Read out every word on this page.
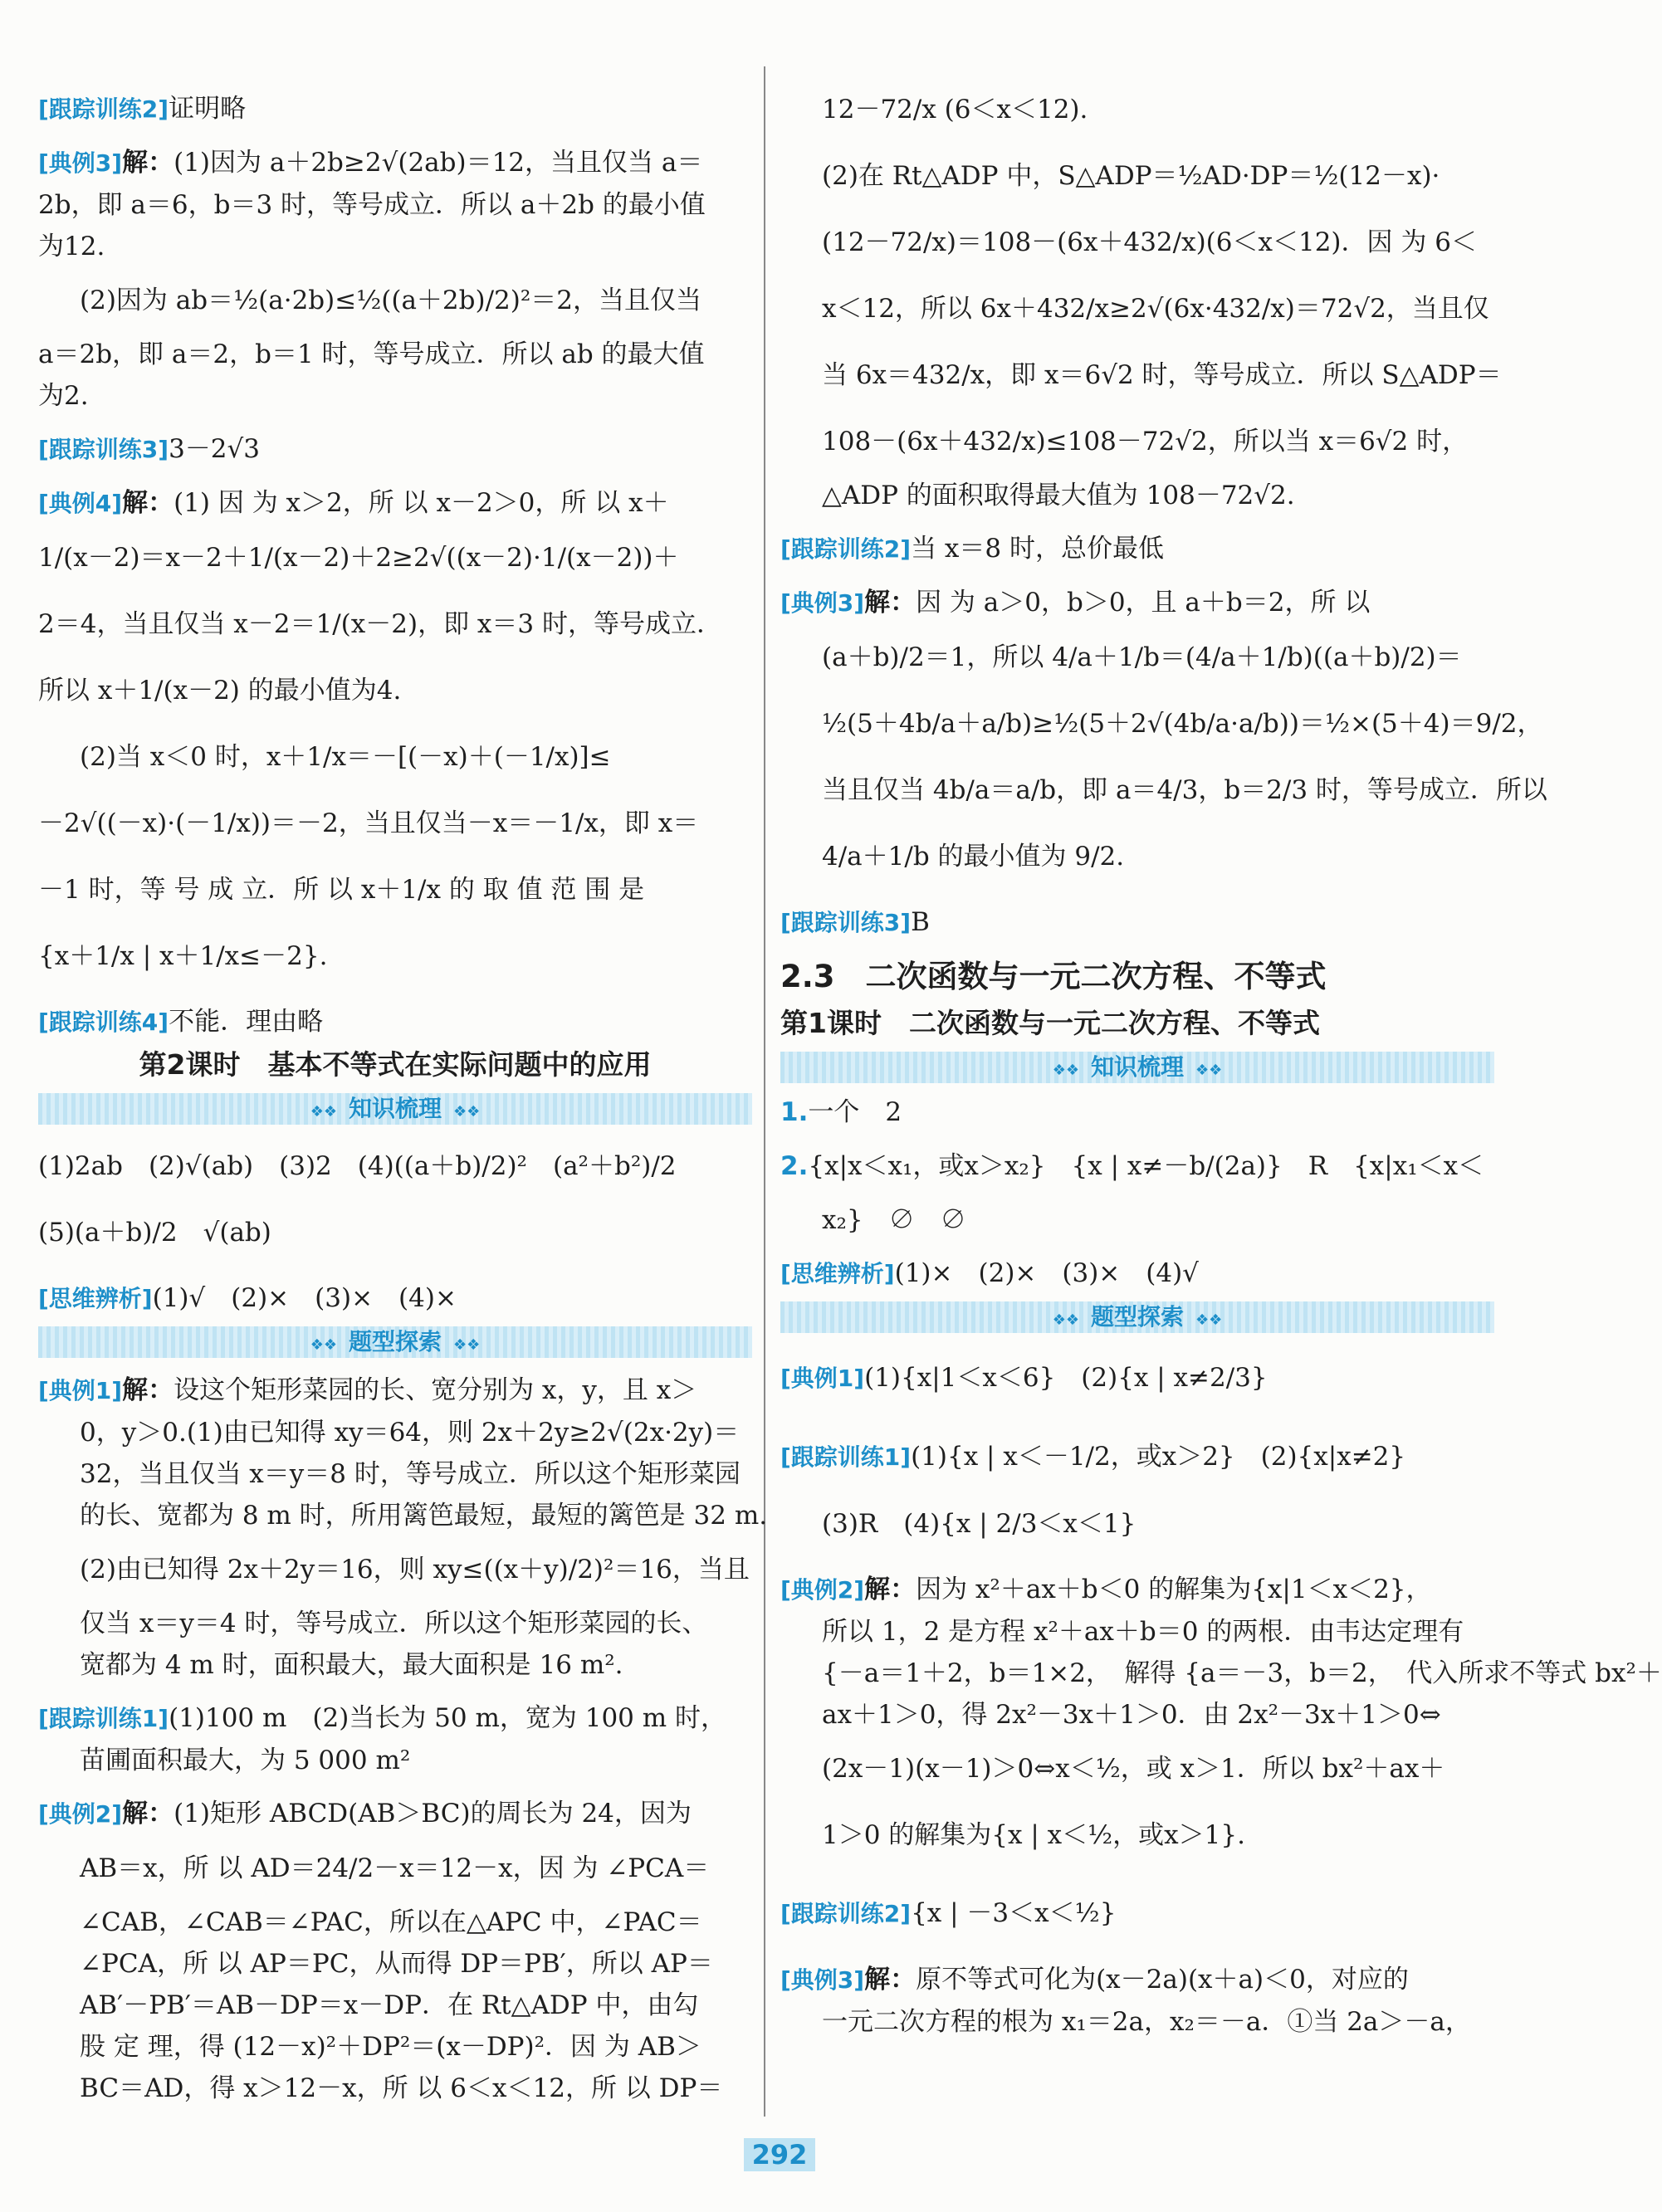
[跟踪训练2]证明略
[典例3]解：(1)因为 a＋2b≥2√(2ab)＝12，当且仅当 a＝
2b，即 a＝6，b＝3 时，等号成立．所以 a＋2b 的最小值
为12.
(2)因为 ab＝½(a·2b)≤½((a＋2b)/2)²＝2，当且仅当
a＝2b，即 a＝2，b＝1 时，等号成立．所以 ab 的最大值
为2.
[跟踪训练3]3－2√3
[典例4]解：(1) 因 为 x＞2，所 以 x－2＞0，所 以 x＋
1/(x－2)＝x－2＋1/(x－2)＋2≥2√((x－2)·1/(x－2))＋
2＝4，当且仅当 x－2＝1/(x－2)，即 x＝3 时，等号成立．
所以 x＋1/(x－2) 的最小值为4.
(2)当 x＜0 时，x＋1/x＝－[(－x)＋(－1/x)]≤
－2√((－x)·(－1/x))＝－2，当且仅当－x＝－1/x，即 x＝
－1 时，等 号 成 立．所 以 x＋1/x 的 取 值 范 围 是
{x＋1/x | x＋1/x≤－2}.
[跟踪训练4]不能．理由略
第2课时　基本不等式在实际问题中的应用
❖❖ 知识梳理 ❖❖
(1)2ab　(2)√(ab)　(3)2　(4)((a＋b)/2)²　(a²＋b²)/2
(5)(a＋b)/2　√(ab)
[思维辨析](1)√　(2)×　(3)×　(4)×
❖❖ 题型探索 ❖❖
[典例1]解：设这个矩形菜园的长、宽分别为 x，y，且 x＞
0，y＞0.(1)由已知得 xy＝64，则 2x＋2y≥2√(2x·2y)＝
32，当且仅当 x＝y＝8 时，等号成立．所以这个矩形菜园
的长、宽都为 8 m 时，所用篱笆最短，最短的篱笆是 32 m.
(2)由已知得 2x＋2y＝16，则 xy≤((x＋y)/2)²＝16，当且
仅当 x＝y＝4 时，等号成立．所以这个矩形菜园的长、
宽都为 4 m 时，面积最大，最大面积是 16 m².
[跟踪训练1](1)100 m　(2)当长为 50 m，宽为 100 m 时，
苗圃面积最大，为 5 000 m²
[典例2]解：(1)矩形 ABCD(AB＞BC)的周长为 24，因为
AB＝x，所 以 AD＝24/2－x＝12－x，因 为 ∠PCA＝
∠CAB，∠CAB＝∠PAC，所以在△APC 中，∠PAC＝
∠PCA，所 以 AP＝PC，从而得 DP＝PB′，所以 AP＝
AB′－PB′＝AB－DP＝x－DP．在 Rt△ADP 中，由勾
股 定 理，得 (12－x)²＋DP²＝(x－DP)²．因 为 AB＞
BC＝AD，得 x＞12－x，所 以 6＜x＜12，所 以 DP＝
12－72/x (6＜x＜12).
(2)在 Rt△ADP 中，S△ADP＝½AD·DP＝½(12－x)·
(12－72/x)＝108－(6x＋432/x)(6＜x＜12)．因 为 6＜
x＜12，所以 6x＋432/x≥2√(6x·432/x)＝72√2，当且仅
当 6x＝432/x，即 x＝6√2 时，等号成立．所以 S△ADP＝
108－(6x＋432/x)≤108－72√2，所以当 x＝6√2 时，
△ADP 的面积取得最大值为 108－72√2.
[跟踪训练2]当 x＝8 时，总价最低
[典例3]解：因 为 a＞0，b＞0，且 a＋b＝2，所 以
(a＋b)/2＝1，所以 4/a＋1/b＝(4/a＋1/b)((a＋b)/2)＝
½(5＋4b/a＋a/b)≥½(5＋2√(4b/a·a/b))＝½×(5＋4)＝9/2，
当且仅当 4b/a＝a/b，即 a＝4/3，b＝2/3 时，等号成立．所以
4/a＋1/b 的最小值为 9/2.
[跟踪训练3]B
2.3　二次函数与一元二次方程、不等式
第1课时　二次函数与一元二次方程、不等式
❖❖ 知识梳理 ❖❖
1.一个　2
2.{x|x＜x₁，或x＞x₂}　{x | x≠－b/(2a)}　R　{x|x₁＜x＜
x₂}　∅　∅
[思维辨析](1)×　(2)×　(3)×　(4)√
❖❖ 题型探索 ❖❖
[典例1](1){x|1＜x＜6}　(2){x | x≠2/3}
[跟踪训练1](1){x | x＜－1/2，或x＞2}　(2){x|x≠2}
(3)R　(4){x | 2/3＜x＜1}
[典例2]解：因为 x²＋ax＋b＜0 的解集为{x|1＜x＜2}，
所以 1，2 是方程 x²＋ax＋b＝0 的两根．由韦达定理有
{－a＝1＋2，b＝1×2，　解得 {a＝－3，b＝2，　代入所求不等式 bx²＋
ax＋1＞0，得 2x²－3x＋1＞0．由 2x²－3x＋1＞0⇔
(2x－1)(x－1)＞0⇔x＜½，或 x＞1．所以 bx²＋ax＋
1＞0 的解集为{x | x＜½，或x＞1}.
[跟踪训练2]{x | －3＜x＜½}
[典例3]解：原不等式可化为(x－2a)(x＋a)＜0，对应的
一元二次方程的根为 x₁＝2a，x₂＝－a．①当 2a＞－a，
292
